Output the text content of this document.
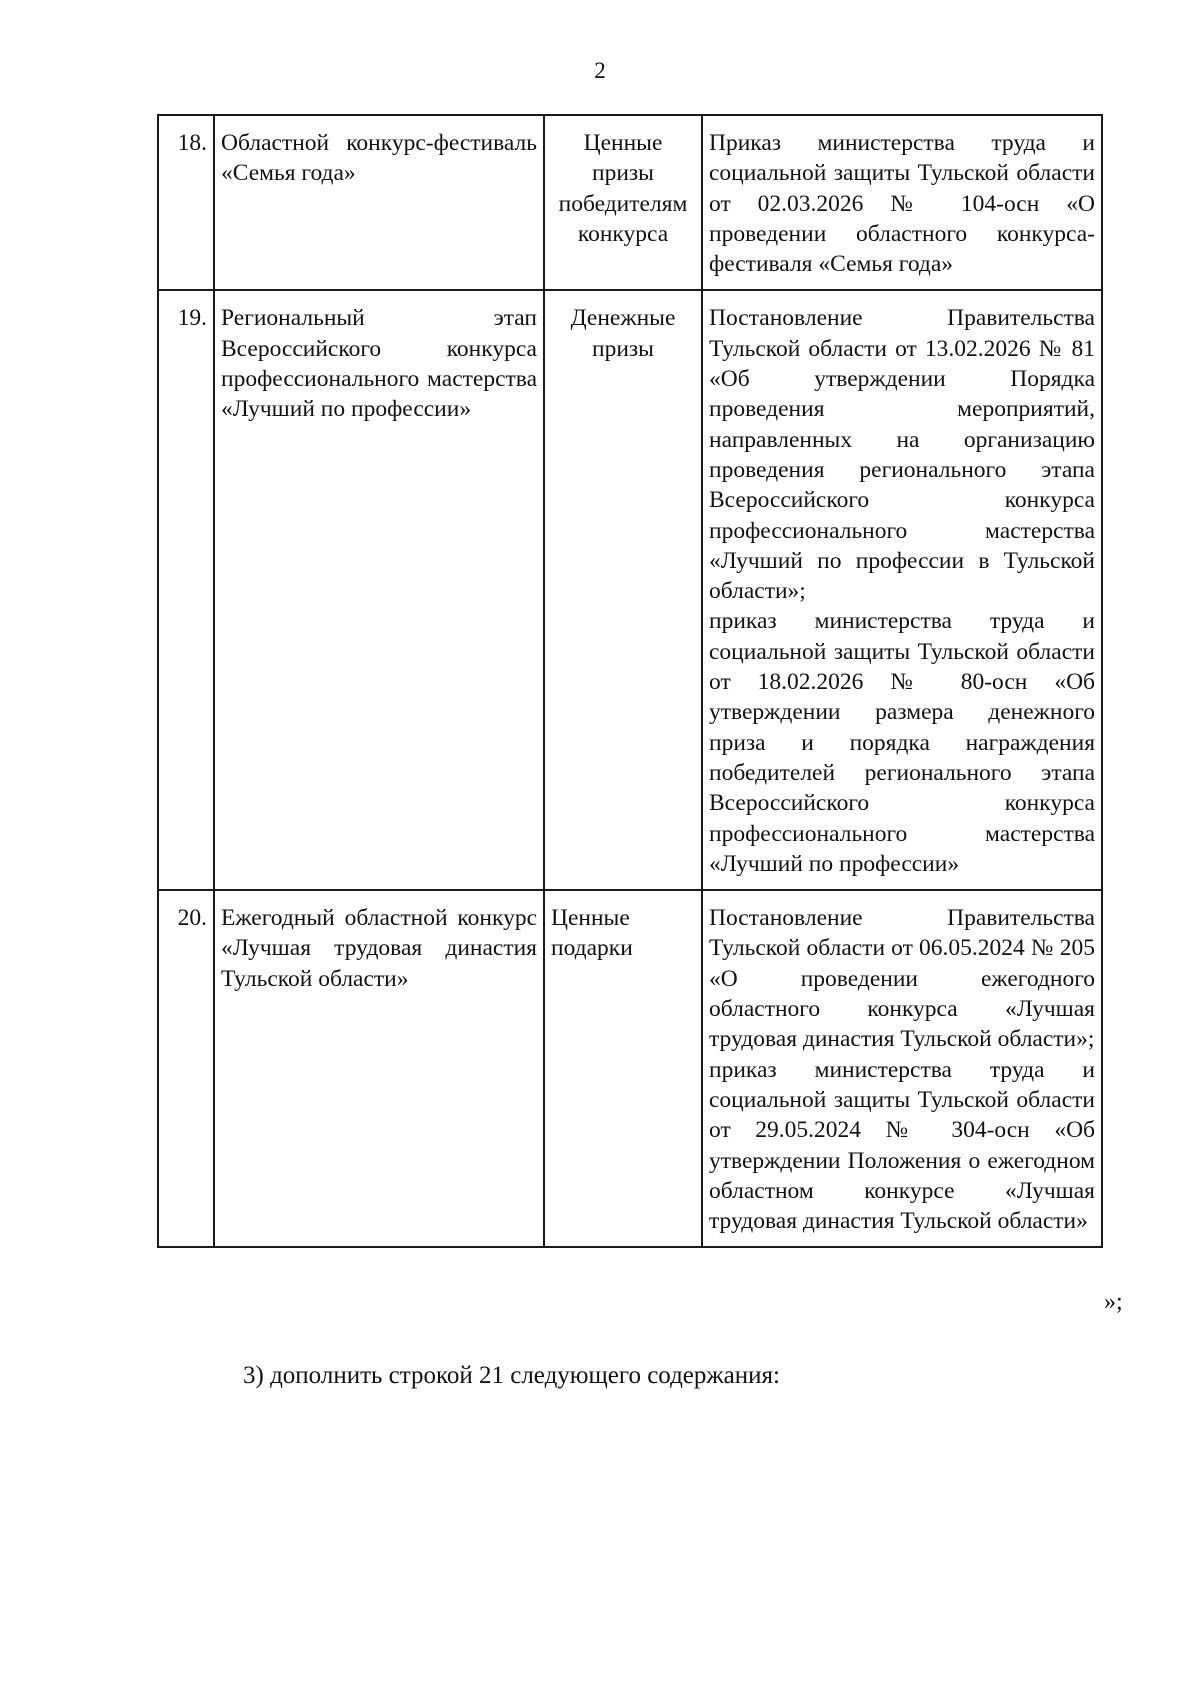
2
18.	Областной конкурс-фестиваль «Семья года»	Ценные призы победителям конкурса	Приказ министерства труда и социальной защиты Тульской области от 02.03.2026 № 104-осн «О проведении областного конкурса-фестиваля «Семья года»

19.	Региональный этап Всероссийского конкурса профессионального мастерства «Лучший по профессии»	Денежные призы	Постановление Правительства Тульской области от 13.02.2026 № 81 «Об утверждении Порядка проведения мероприятий, направленных на организацию проведения регионального этапа Всероссийского конкурса профессионального мастерства «Лучший по профессии в Тульской области»;
приказ министерства труда и социальной защиты Тульской области от 18.02.2026 № 80-осн «Об утверждении размера денежного приза и порядка награждения победителей регионального этапа Всероссийского конкурса профессионального мастерства «Лучший по профессии»

20.	Ежегодный областной конкурс «Лучшая трудовая династия Тульской области»	Ценные подарки	Постановление Правительства Тульской области от 06.05.2024 № 205 «О проведении ежегодного областного конкурса «Лучшая трудовая династия Тульской области»;
приказ министерства труда и социальной защиты Тульской области от 29.05.2024 № 304-осн «Об утверждении Положения о ежегодном областном конкурсе «Лучшая трудовая династия Тульской области»
»;
3) дополнить строкой 21 следующего содержания:
